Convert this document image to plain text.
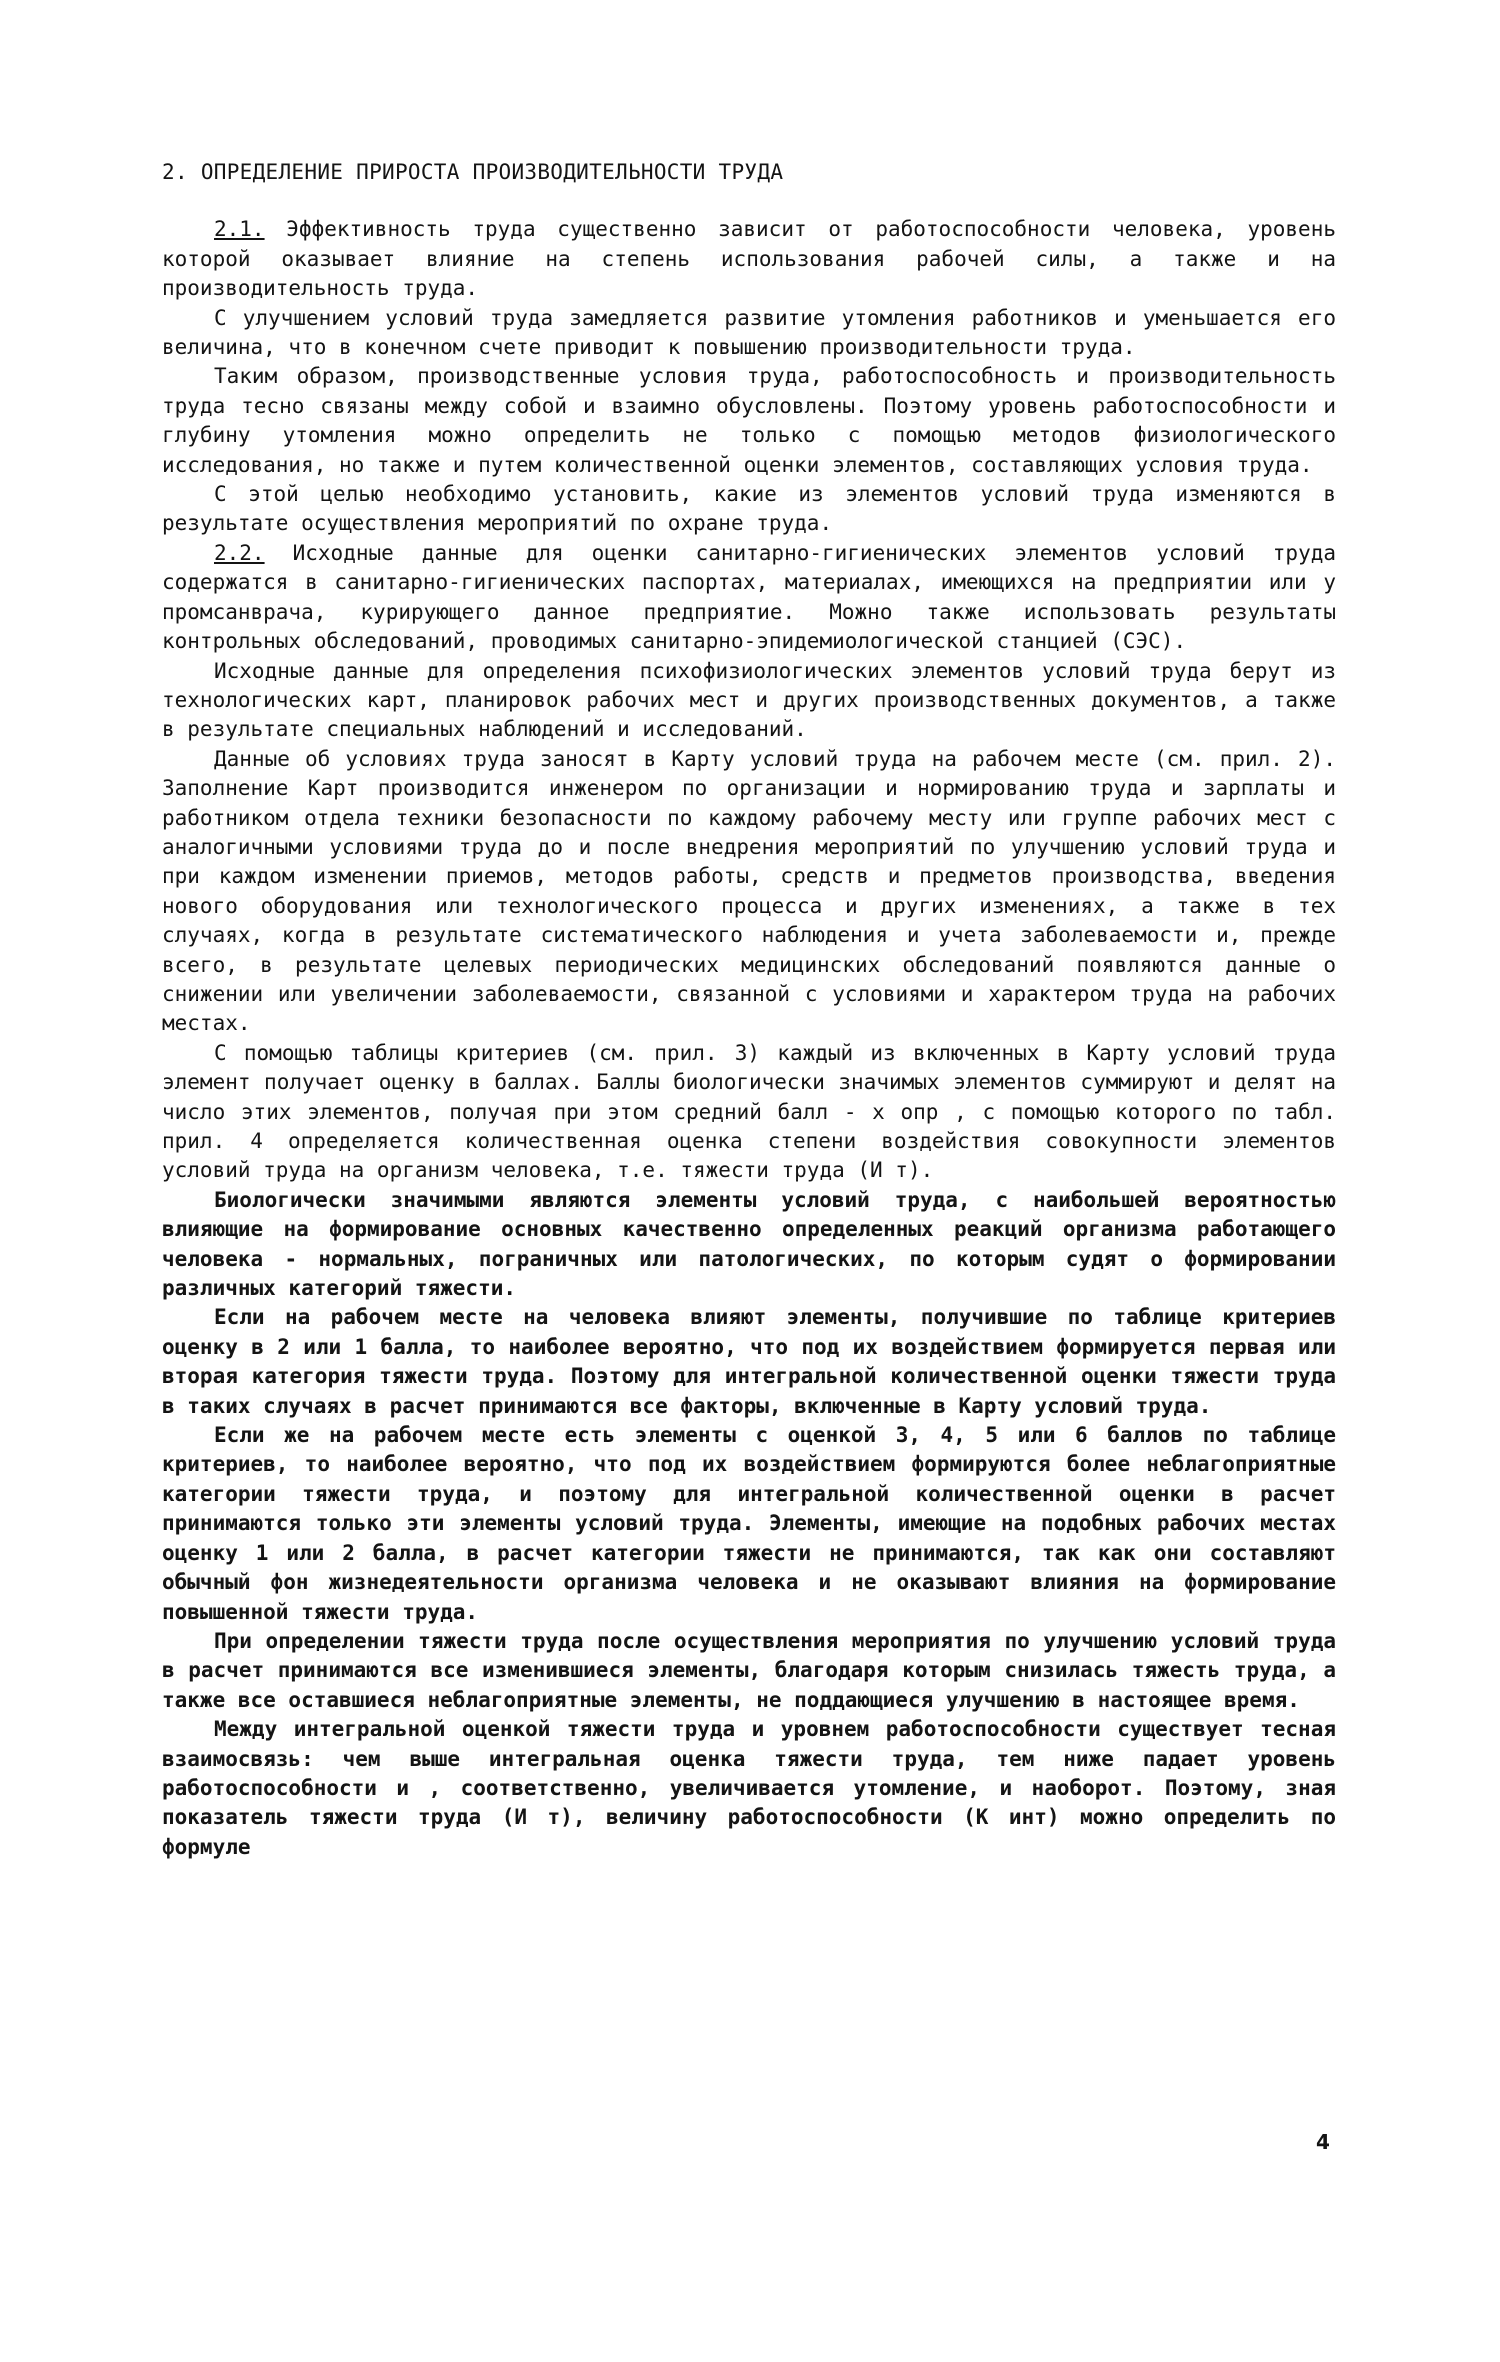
2. ОПРЕДЕЛЕНИЕ ПРИРОСТА ПРОИЗВОДИТЕЛЬНОСТИ ТРУДА

2.1. Эффективность труда существенно зависит от работоспособности человека, уровень которой оказывает влияние на степень использования рабочей силы, а также и на производительность труда.

С улучшением условий труда замедляется развитие утомления работников и уменьшается его величина, что в конечном счете приводит к повышению производительности труда.

Таким образом, производственные условия труда, работоспособность и производительность труда тесно связаны между собой и взаимно обусловлены. Поэтому уровень работоспособности и глубину утомления можно определить не только с помощью методов физиологического исследования, но также и путем количественной оценки элементов, составляющих условия труда.

С этой целью необходимо установить, какие из элементов условий труда изменяются в результате осуществления мероприятий по охране труда.

2.2. Исходные данные для оценки санитарно-гигиенических элементов условий труда содержатся в санитарно-гигиенических паспортах, материалах, имеющихся на предприятии или у промсанврача, курирующего данное предприятие. Можно также использовать результаты контрольных обследований, проводимых санитарно-эпидемиологической станцией (СЭС).

Исходные данные для определения психофизиологических элементов условий труда берут из технологических карт, планировок рабочих мест и других производственных документов, а также в результате специальных наблюдений и исследований.

Данные об условиях труда заносят в Карту условий труда на рабочем месте (см. прил. 2). Заполнение Карт производится инженером по организации и нормированию труда и зарплаты и работником отдела техники безопасности по каждому рабочему месту или группе рабочих мест с аналогичными условиями труда до и после внедрения мероприятий по улучшению условий труда и при каждом изменении приемов, методов работы, средств и предметов производства, введения нового оборудования или технологического процесса и других изменениях, а также в тех случаях, когда в результате систематического наблюдения и учета заболеваемости и, прежде всего, в результате целевых периодических медицинских обследований появляются данные о снижении или увеличении заболеваемости, связанной с условиями и характером труда на рабочих местах.

С помощью таблицы критериев (см. прил. 3) каждый из включенных в Карту условий труда элемент получает оценку в баллах. Баллы биологически значимых элементов суммируют и делят на число этих элементов, получая при этом средний балл - x опр , с помощью которого по табл. прил. 4 определяется количественная оценка степени воздействия совокупности элементов условий труда на организм человека, т.е. тяжести труда (И т).

Биологически значимыми являются элементы условий труда, с наибольшей вероятностью влияющие на формирование основных качественно определенных реакций организма работающего человека - нормальных, пограничных или патологических, по которым судят о формировании различных категорий тяжести.

Если на рабочем месте на человека влияют элементы, получившие по таблице критериев оценку в 2 или 1 балла, то наиболее вероятно, что под их воздействием формируется первая или вторая категория тяжести труда. Поэтому для интегральной количественной оценки тяжести труда в таких случаях в расчет принимаются все факторы, включенные в Карту условий труда.

Если же на рабочем месте есть элементы с оценкой 3, 4, 5 или 6 баллов по таблице критериев, то наиболее вероятно, что под их воздействием формируются более неблагоприятные категории тяжести труда, и поэтому для интегральной количественной оценки в расчет принимаются только эти элементы условий труда. Элементы, имеющие на подобных рабочих местах оценку 1 или 2 балла, в расчет категории тяжести не принимаются, так как они составляют обычный фон жизнедеятельности организма человека и не оказывают влияния на формирование повышенной тяжести труда.

При определении тяжести труда после осуществления мероприятия по улучшению условий труда в расчет принимаются все изменившиеся элементы, благодаря которым снизилась тяжесть труда, а также все оставшиеся неблагоприятные элементы, не поддающиеся улучшению в настоящее время.

Между интегральной оценкой тяжести труда и уровнем работоспособности существует тесная взаимосвязь: чем выше интегральная оценка тяжести труда, тем ниже падает уровень работоспособности и , соответственно, увеличивается утомление, и наоборот. Поэтому, зная показатель тяжести труда (И т), величину работоспособности (К инт) можно определить по формуле

4
